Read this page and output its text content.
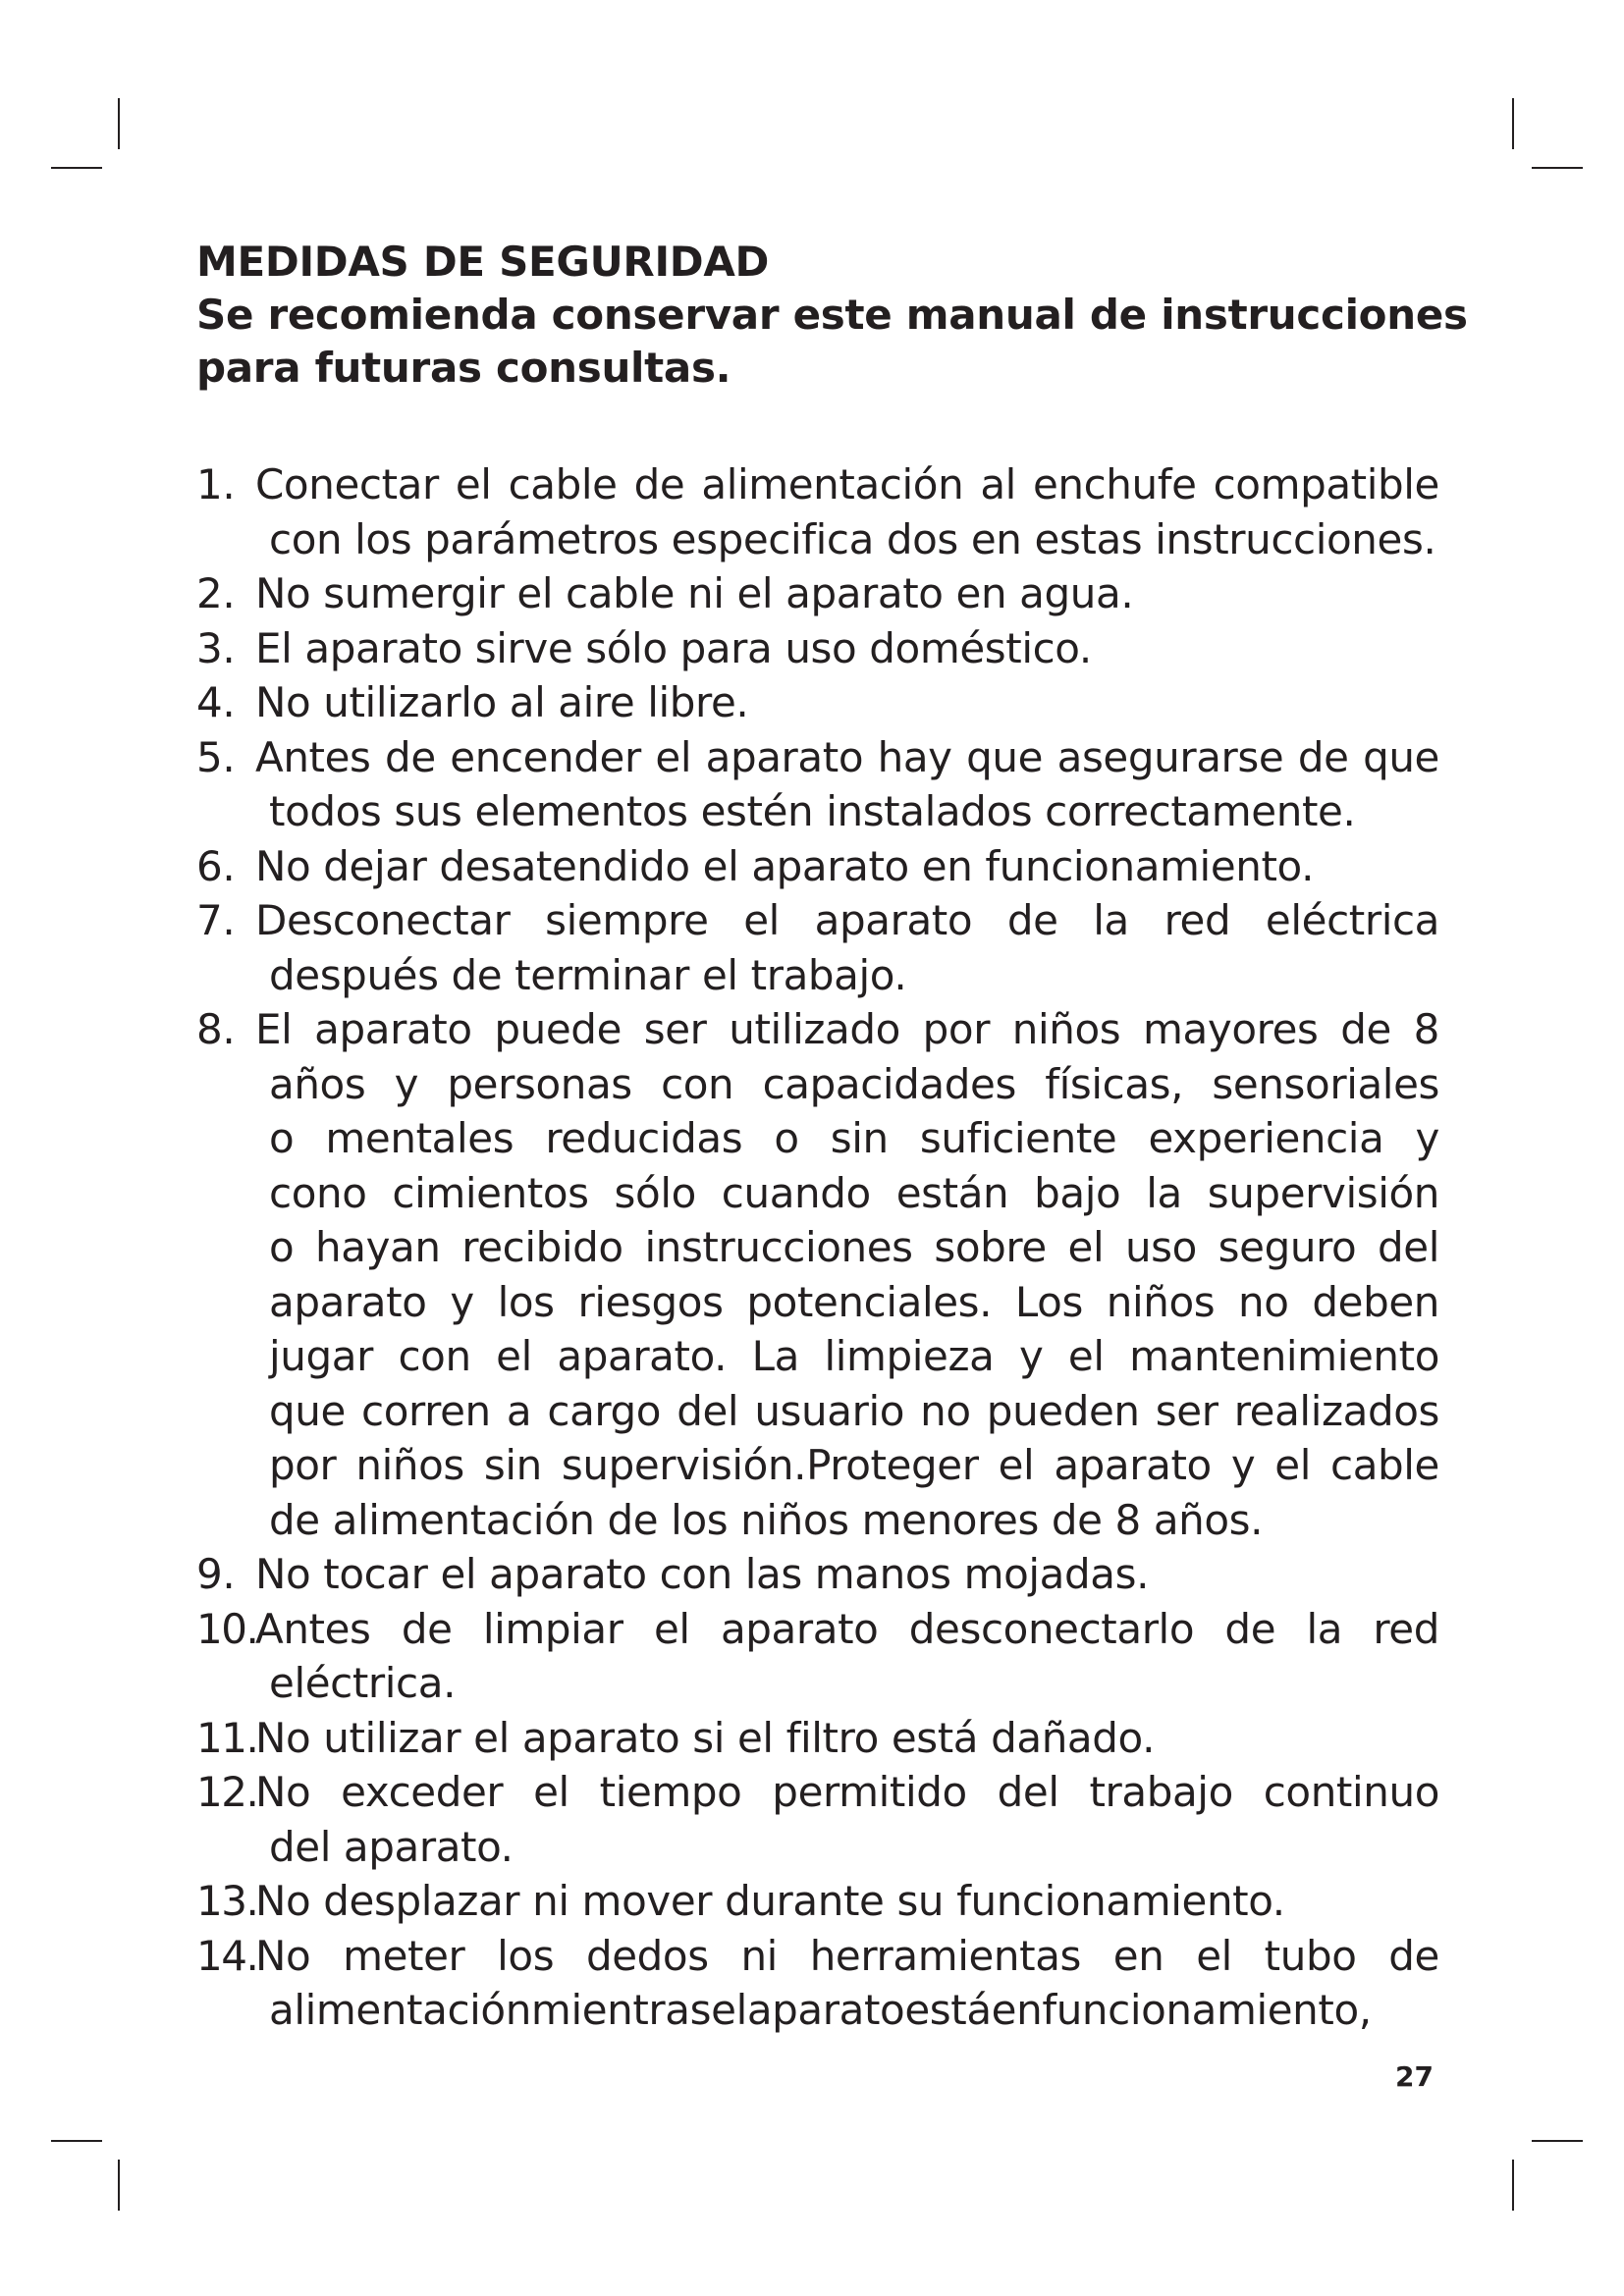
MEDIDAS DE SEGURIDAD
Se recomienda conservar este manual de instrucciones
para futuras consultas.
1. Conectar el cable de alimentación al enchufe compatible
con los parámetros especifica dos en estas instrucciones.
2. No sumergir el cable ni el aparato en agua.
3. El aparato sirve sólo para uso doméstico.
4. No utilizarlo al aire libre.
5. Antes de encender el aparato hay que asegurarse de que
todos sus elementos estén instalados correctamente.
6. No dejar desatendido el aparato en funcionamiento.
7. Desconectar siempre el aparato de la red eléctrica
después de terminar el trabajo.
8. El aparato puede ser utilizado por niños mayores de 8
años y personas con capacidades físicas, sensoriales
o mentales reducidas o sin suficiente experiencia y
cono cimientos sólo cuando están bajo la supervisión
o hayan recibido instrucciones sobre el uso seguro del
aparato y los riesgos potenciales. Los niños no deben
jugar con el aparato. La limpieza y el mantenimiento
que corren a cargo del usuario no pueden ser realizados
por niños sin supervisión.Proteger el aparato y el cable
de alimentación de los niños menores de 8 años.
9. No tocar el aparato con las manos mojadas.
10.
Antes de limpiar el aparato desconectarlo de la red
eléctrica.
11.
No utilizar el aparato si el filtro está dañado.
12.
No exceder el tiempo permitido del trabajo continuo
del aparato.
13.
No desplazar ni mover durante su funcionamiento.
14.
No meter los dedos ni herramientas en el tubo de
alimentaciónmientraselaparatoestáenfuncionamiento,
27
